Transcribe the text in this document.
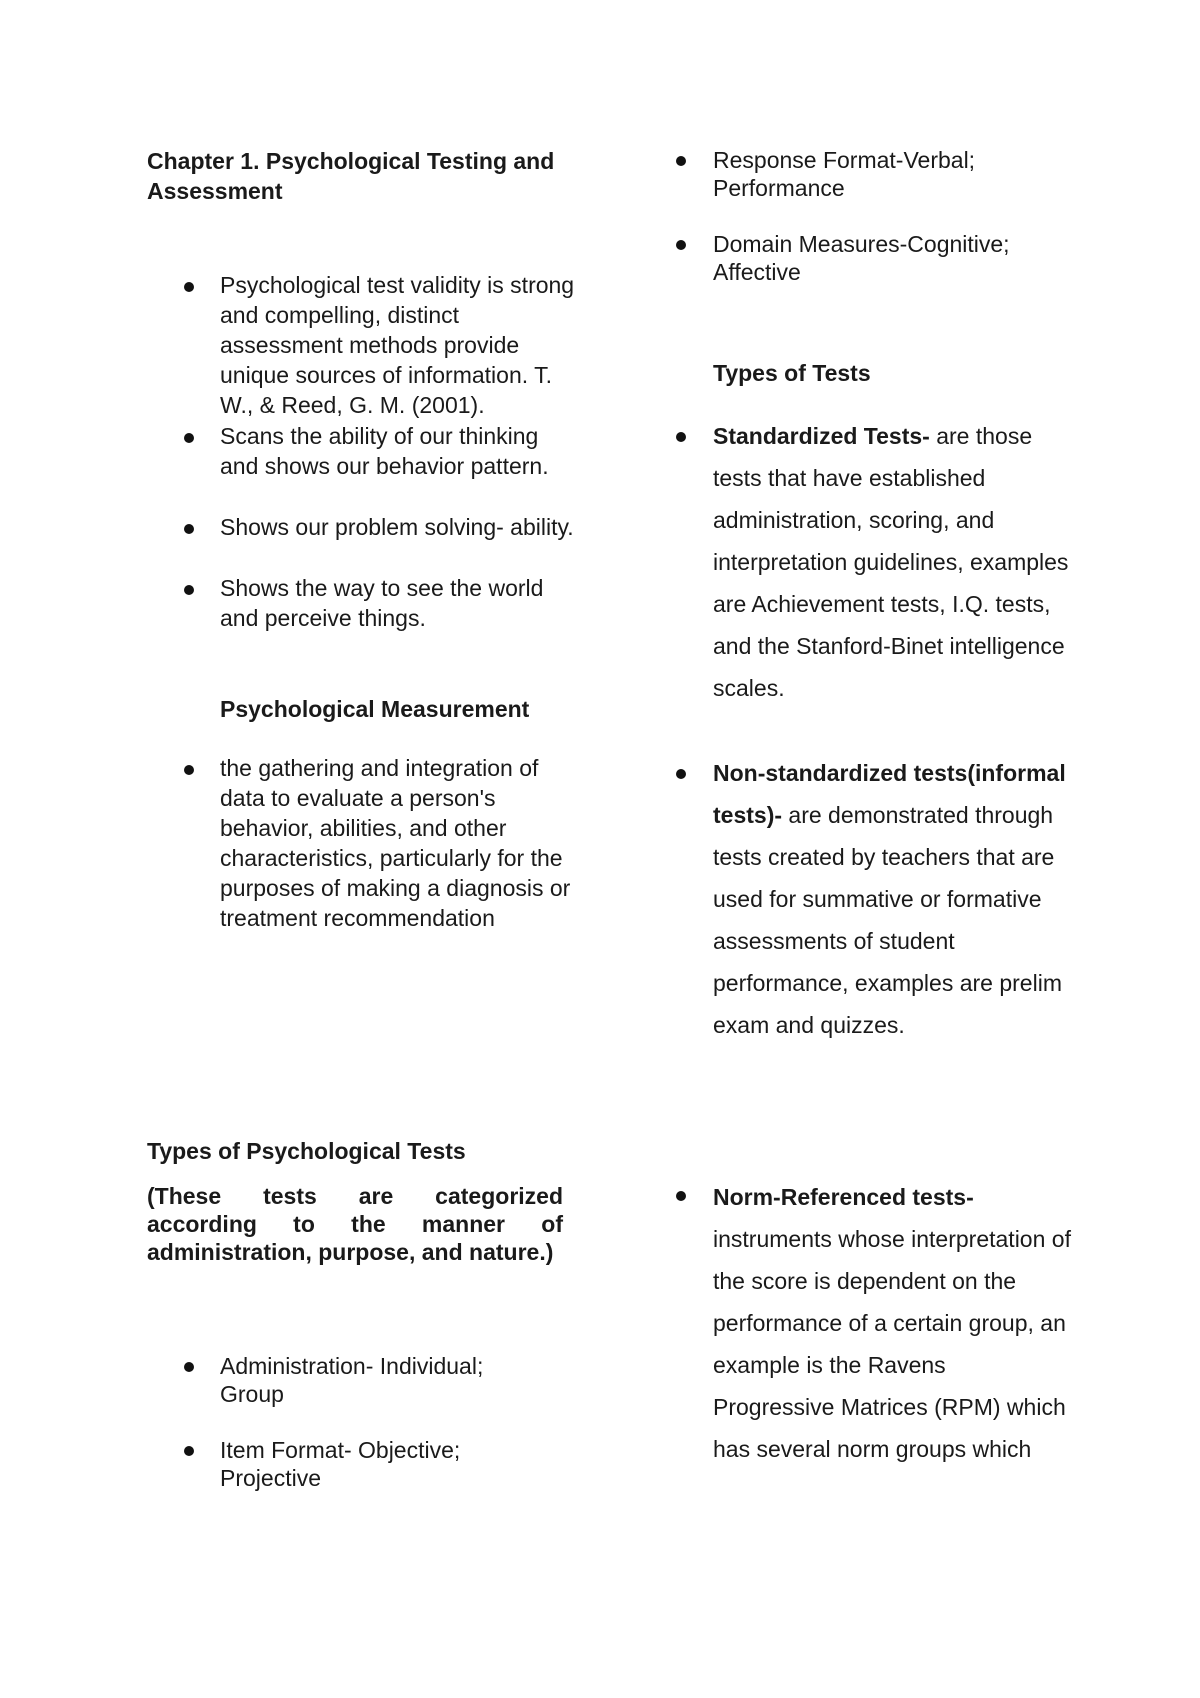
Chapter 1. Psychological Testing and Assessment
Psychological test validity is strong and compelling, distinct assessment methods provide unique sources of information. T. W., & Reed, G. M. (2001).
Scans the ability of our thinking and shows our behavior pattern.
Shows our problem solving- ability.
Shows the way to see the world and perceive things.
Psychological Measurement
the gathering and integration of data to evaluate a person's behavior, abilities, and other characteristics, particularly for the purposes of making a diagnosis or treatment recommendation
Types of Psychological Tests
(These tests are categorized according to the manner of administration, purpose, and nature.)
Administration- Individual; Group
Item Format- Objective; Projective
Response Format-Verbal; Performance
Domain Measures-Cognitive; Affective
Types of Tests
Standardized Tests- are those tests that have established administration, scoring, and interpretation guidelines, examples are Achievement tests, I.Q. tests, and the Stanford-Binet intelligence scales.
Non-standardized tests(informal tests)- are demonstrated through tests created by teachers that are used for summative or formative assessments of student performance, examples are prelim exam and quizzes.
Norm-Referenced tests- instruments whose interpretation of the score is dependent on the performance of a certain group, an example is the Ravens Progressive Matrices (RPM) which has several norm groups which
